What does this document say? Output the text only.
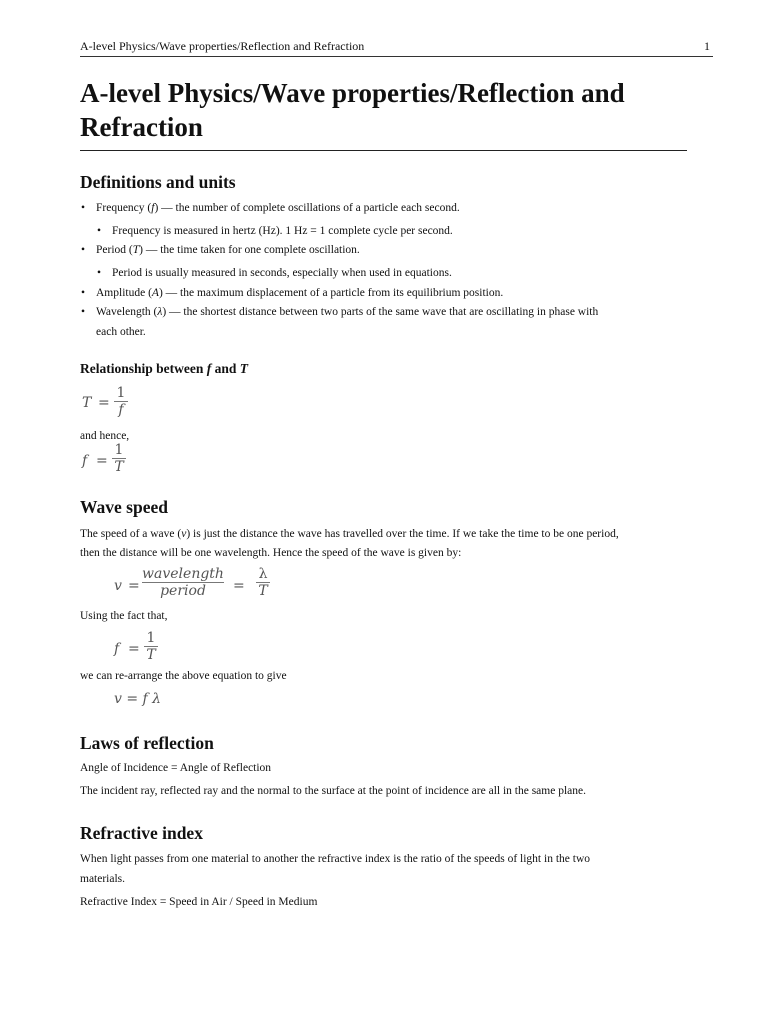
A-level Physics/Wave properties/Reflection and Refraction	1
A-level Physics/Wave properties/Reflection and
Refraction
Definitions and units
• Frequency (f) — the number of complete oscillations of a particle each second.
• Frequency is measured in hertz (Hz). 1 Hz = 1 complete cycle per second.
• Period (T) — the time taken for one complete oscillation.
• Period is usually measured in seconds, especially when used in equations.
• Amplitude (A) — the maximum displacement of a particle from its equilibrium position.
• Wavelength (λ) — the shortest distance between two parts of the same wave that are oscillating in phase with
each other.
Relationship between f and T
T =
1
f
and hence,
f =
1
T
Wave speed
The speed of a wave (v) is just the distance the wave has travelled over the time. If we take the time to be one period,
then the distance will be one wavelength. Hence the speed of the wave is given by:
v =
wavelength
period	=
λ
T
Using the fact that,
f =
1
T
we can re-arrange the above equation to give
v = f λ
Laws of reflection
Angle of Incidence = Angle of Reflection
The incident ray, reflected ray and the normal to the surface at the point of incidence are all in the same plane.
Refractive index
When light passes from one material to another the refractive index is the ratio of the speeds of light in the two
materials.
Refractive Index = Speed in Air / Speed in Medium
